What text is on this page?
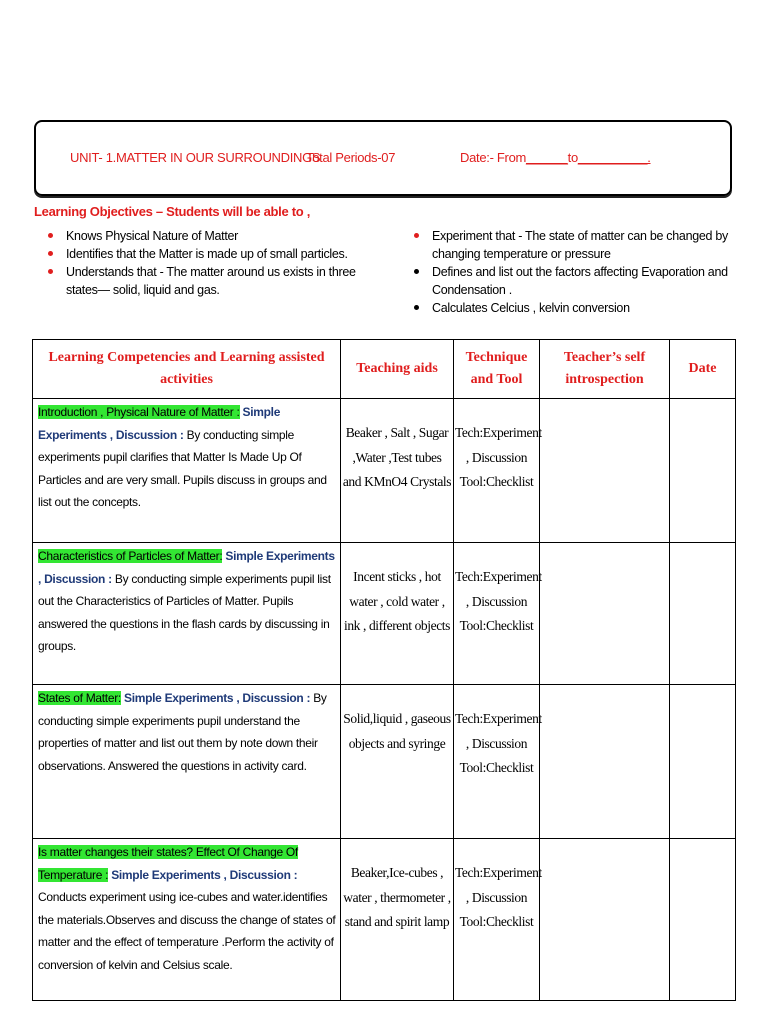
UNIT- 1.MATTER IN OUR SURROUNDINGS
Total Periods-07	Date:- From______to__________.
Learning Objectives – Students will be able to ,
Knows Physical Nature of Matter
Identifies that the Matter is made up of small particles.
Understands that - The matter around us exists in three states— solid, liquid and gas.
Experiment that - The state of matter can be changed by changing temperature or pressure
Defines and list out the factors affecting Evaporation and Condensation .
Calculates Celcius , kelvin conversion
Learning Competencies and Learning assisted activities	Teaching aids	Technique and Tool	Teacher’s self introspection	Date
Introduction , Physical Nature of Matter : Simple Experiments , Discussion : By conducting simple experiments pupil clarifies that Matter Is Made Up Of Particles and are very small. Pupils discuss in groups and list out the concepts.	Beaker , Salt , Sugar ,Water ,Test tubes and KMnO4 Crystals	Tech:Experiment , Discussion Tool:Checklist		
Characteristics of Particles of Matter: Simple Experiments , Discussion : By conducting simple experiments pupil list out the Characteristics of Particles of Matter. Pupils answered the questions in the flash cards by discussing in groups.	Incent sticks , hot water , cold water , ink , different objects	Tech:Experiment , Discussion Tool:Checklist		
States of Matter: Simple Experiments , Discussion : By conducting simple experiments pupil understand the properties of matter and list out them by note down their observations. Answered the questions in activity card.	Solid,liquid , gaseous objects and syringe	Tech:Experiment , Discussion Tool:Checklist		
Is matter changes their states? Effect Of Change Of Temperature : Simple Experiments , Discussion : Conducts experiment using ice-cubes and water.identifies the materials.Observes and discuss the change of states of matter and the effect of temperature .Perform the activity of conversion of kelvin and Celsius scale.	Beaker,Ice-cubes , water , thermometer , stand and spirit lamp	Tech:Experiment , Discussion Tool:Checklist		
